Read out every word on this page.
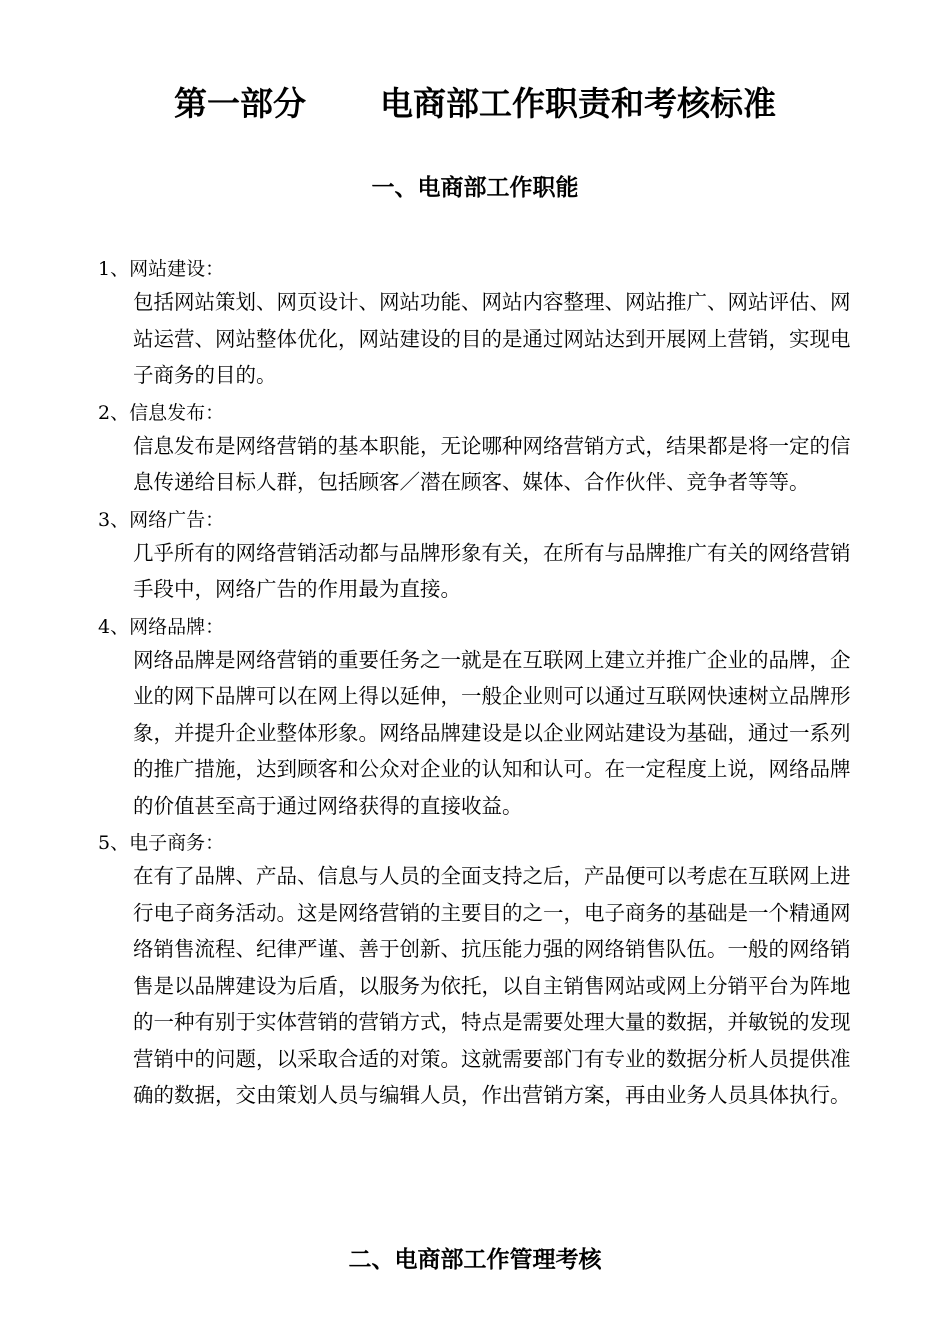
第一部分 电商部工作职责和考核标准
一、电商部工作职能
1、网站建设：
包括网站策划、网页设计、网站功能、网站内容整理、网站推广、网站评估、网站运营、网站整体优化，网站建设的目的是通过网站达到开展网上营销，实现电子商务的目的。
2、信息发布：
信息发布是网络营销的基本职能，无论哪种网络营销方式，结果都是将一定的信息传递给目标人群，包括顾客／潜在顾客、媒体、合作伙伴、竞争者等等。
3、网络广告：
几乎所有的网络营销活动都与品牌形象有关，在所有与品牌推广有关的网络营销手段中，网络广告的作用最为直接。
4、网络品牌：
网络品牌是网络营销的重要任务之一就是在互联网上建立并推广企业的品牌，企业的网下品牌可以在网上得以延伸，一般企业则可以通过互联网快速树立品牌形象，并提升企业整体形象。网络品牌建设是以企业网站建设为基础，通过一系列的推广措施，达到顾客和公众对企业的认知和认可。在一定程度上说，网络品牌的价值甚至高于通过网络获得的直接收益。
5、电子商务：
在有了品牌、产品、信息与人员的全面支持之后，产品便可以考虑在互联网上进行电子商务活动。这是网络营销的主要目的之一，电子商务的基础是一个精通网络销售流程、纪律严谨、善于创新、抗压能力强的网络销售队伍。一般的网络销售是以品牌建设为后盾，以服务为依托，以自主销售网站或网上分销平台为阵地的一种有别于实体营销的营销方式，特点是需要处理大量的数据，并敏锐的发现营销中的问题，以采取合适的对策。这就需要部门有专业的数据分析人员提供准确的数据，交由策划人员与编辑人员，作出营销方案，再由业务人员具体执行。
二、电商部工作管理考核
